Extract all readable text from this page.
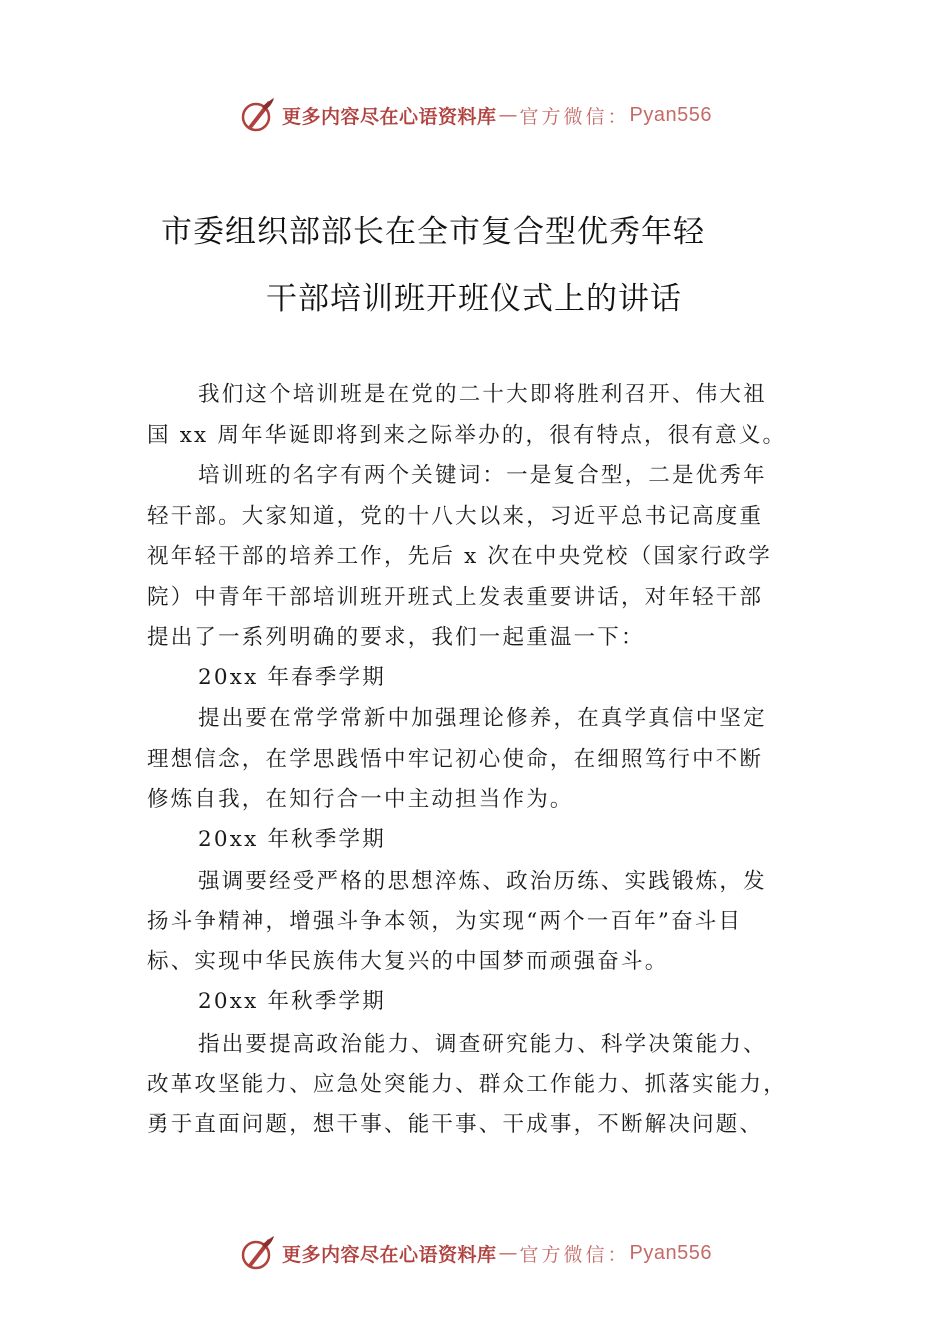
更多内容尽在心语资料库 — 官方微信： Pyan556
市委组织部部长在全市复合型优秀年轻
干部培训班开班仪式上的讲话
我们这个培训班是在党的二十大即将胜利召开、伟大祖
国 xx 周年华诞即将到来之际举办的，很有特点，很有意义。
培训班的名字有两个关键词：一是复合型，二是优秀年
轻干部。大家知道，党的十八大以来，习近平总书记高度重
视年轻干部的培养工作，先后 x 次在中央党校（国家行政学
院）中青年干部培训班开班式上发表重要讲话，对年轻干部
提出了一系列明确的要求，我们一起重温一下：
20xx 年春季学期
提出要在常学常新中加强理论修养，在真学真信中坚定
理想信念，在学思践悟中牢记初心使命，在细照笃行中不断
修炼自我，在知行合一中主动担当作为。
20xx 年秋季学期
强调要经受严格的思想淬炼、政治历练、实践锻炼，发
扬斗争精神，增强斗争本领，为实现“两个一百年”奋斗目
标、实现中华民族伟大复兴的中国梦而顽强奋斗。
20xx 年秋季学期
指出要提高政治能力、调查研究能力、科学决策能力、
改革攻坚能力、应急处突能力、群众工作能力、抓落实能力，
勇于直面问题，想干事、能干事、干成事，不断解决问题、
更多内容尽在心语资料库 — 官方微信： Pyan556
